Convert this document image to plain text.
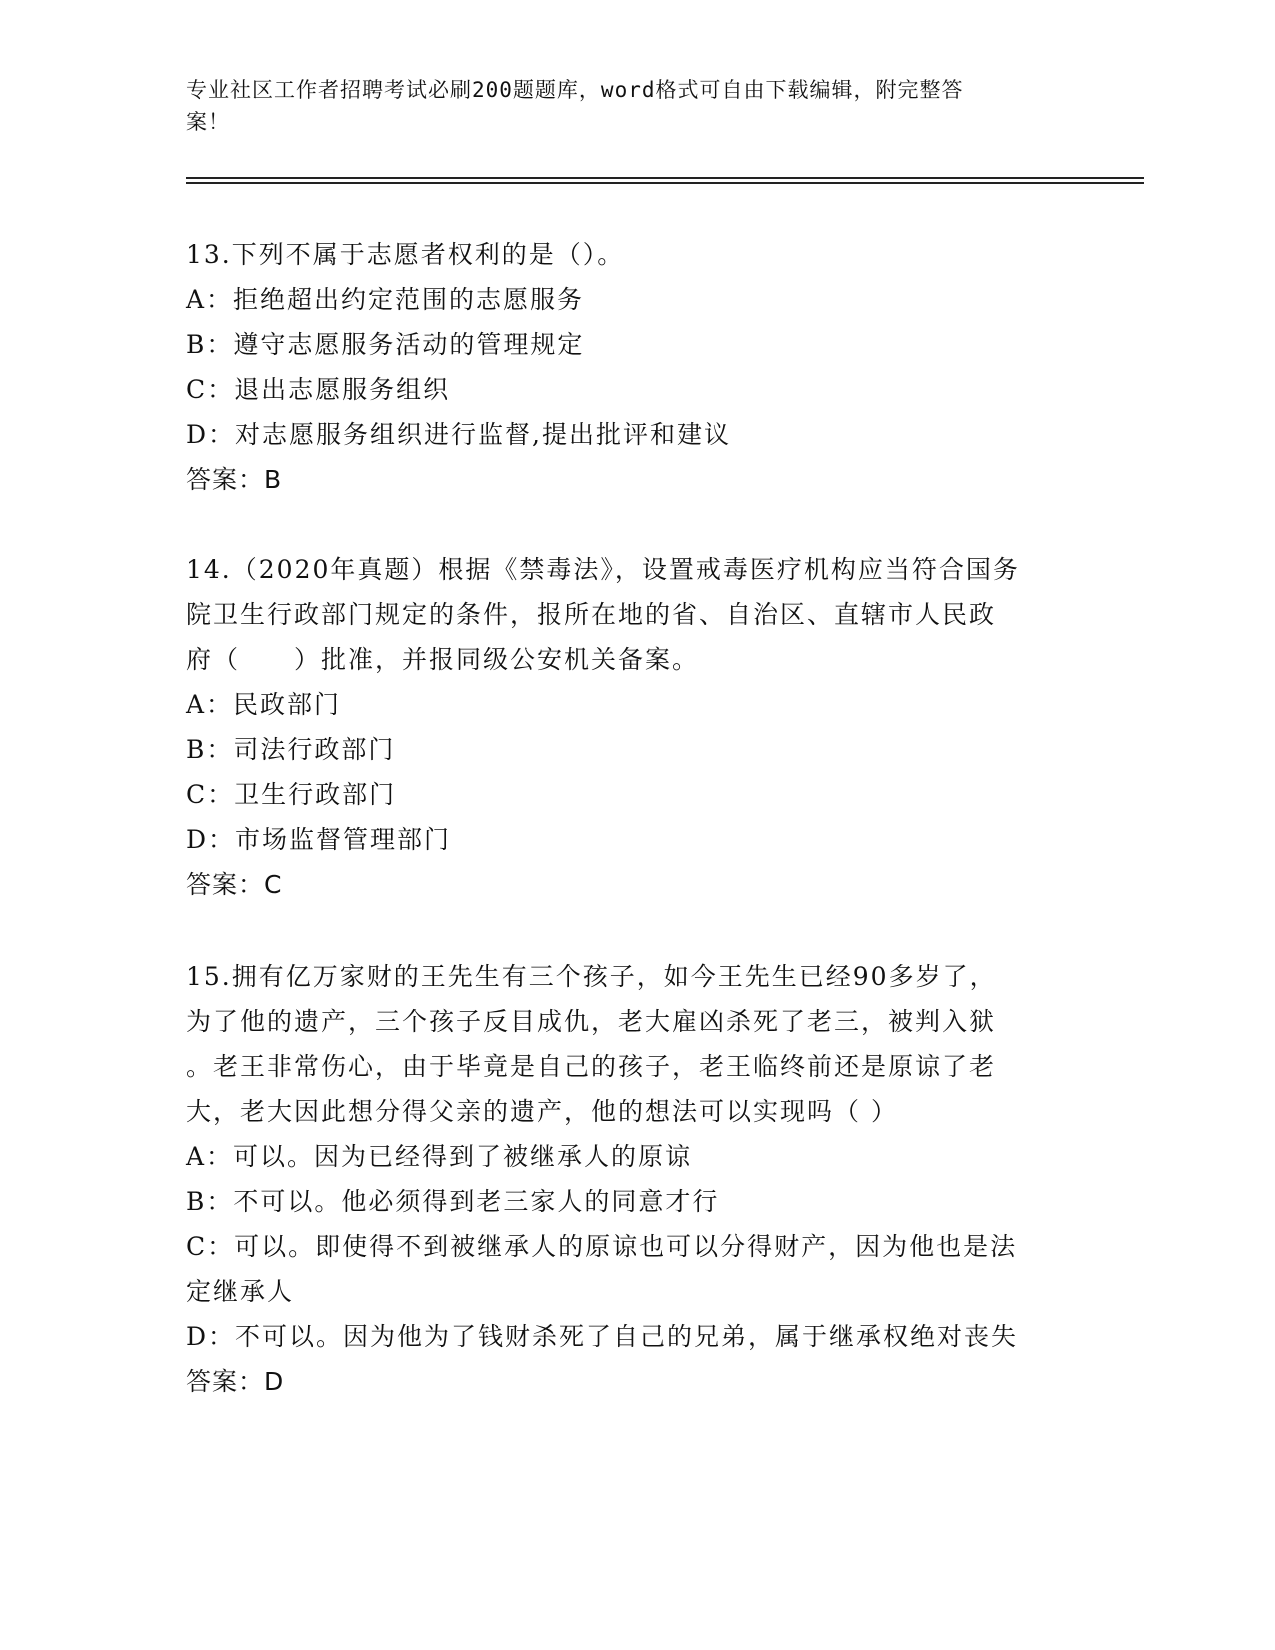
专业社区工作者招聘考试必刷200题题库，word格式可自由下载编辑，附完整答
案！
13.下列不属于志愿者权利的是（）。
A：拒绝超出约定范围的志愿服务
B：遵守志愿服务活动的管理规定
C：退出志愿服务组织
D：对志愿服务组织进行监督,提出批评和建议
答案：B
14.（2020年真题）根据《禁毒法》，设置戒毒医疗机构应当符合国务
院卫生行政部门规定的条件，报所在地的省、自治区、直辖市人民政
府（　　）批准，并报同级公安机关备案。
A：民政部门
B：司法行政部门
C：卫生行政部门
D：市场监督管理部门
答案：C
15.拥有亿万家财的王先生有三个孩子，如今王先生已经90多岁了，
为了他的遗产，三个孩子反目成仇，老大雇凶杀死了老三，被判入狱
。老王非常伤心，由于毕竟是自己的孩子，老王临终前还是原谅了老
大，老大因此想分得父亲的遗产，他的想法可以实现吗（ ）
A：可以。因为已经得到了被继承人的原谅
B：不可以。他必须得到老三家人的同意才行
C：可以。即使得不到被继承人的原谅也可以分得财产，因为他也是法
定继承人
D：不可以。因为他为了钱财杀死了自己的兄弟，属于继承权绝对丧失
答案：D
